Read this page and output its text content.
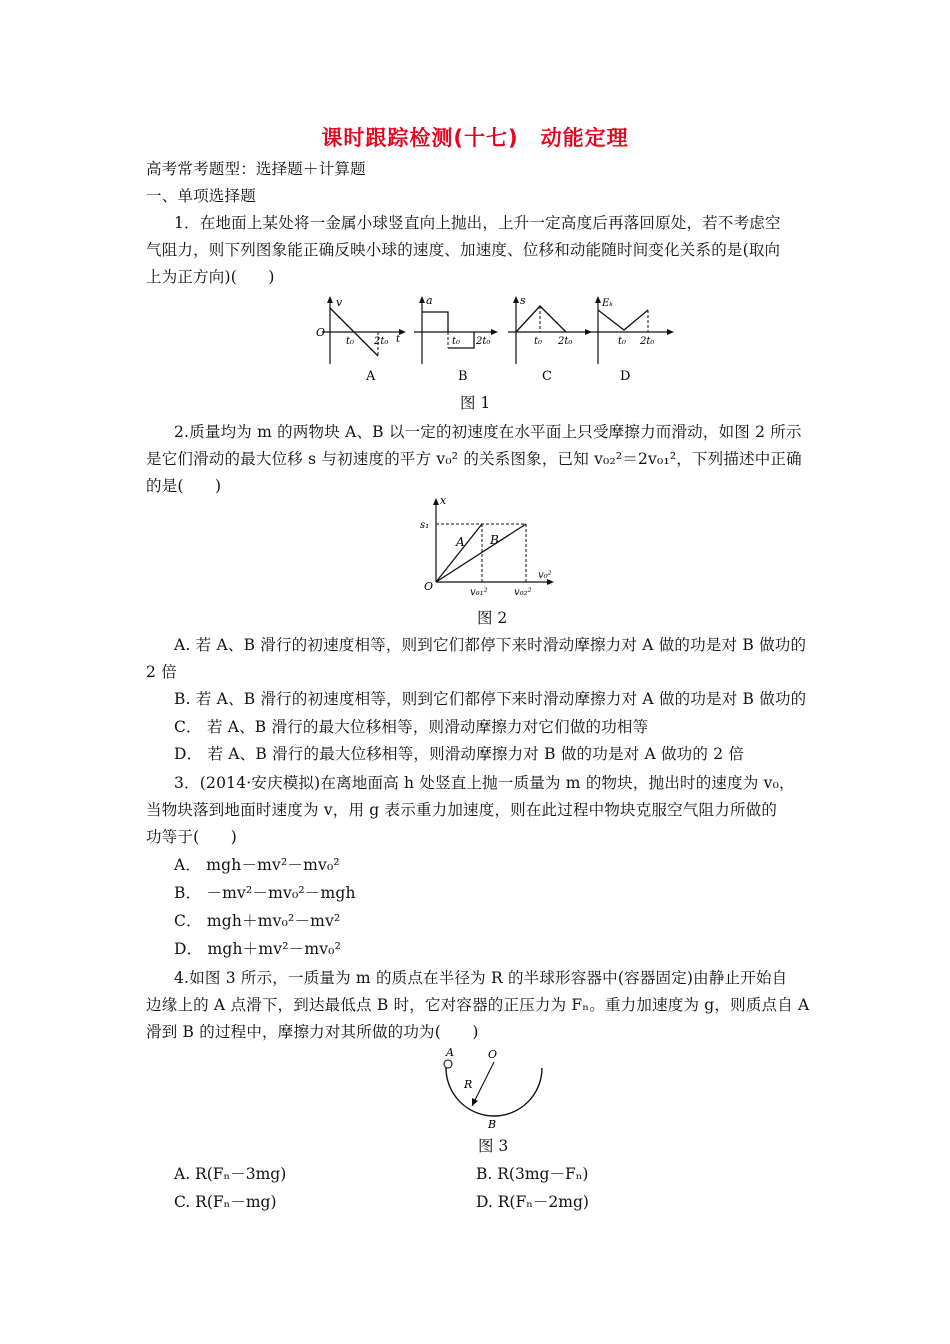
课时跟踪检测(十七)　动能定理
高考常考题型：选择题＋计算题
一、单项选择题
1．在地面上某处将一金属小球竖直向上抛出，上升一定高度后再落回原处，若不考虑空
气阻力，则下列图象能正确反映小球的速度、加速度、位移和动能随时间变化关系的是(取向
上为正方向)(　　)
v
O
t₀ 2t₀ t
A
a
t₀ 2t₀
B
s
t₀ 2t₀
C
Eₖ
t₀ 2t₀
D
图 1
2.质量均为 m 的两物块 A、B 以一定的初速度在水平面上只受摩擦力而滑动，如图 2 所示
是它们滑动的最大位移 s 与初速度的平方 v₀² 的关系图象，已知 v₀₂²＝2v₀₁²，下列描述中正确
的是(　　)
x
s₁
A B
O
v₀²
v₀₁²	v₀₂²
图 2
A. 若 A、B 滑行的初速度相等，则到它们都停下来时滑动摩擦力对 A 做的功是对 B 做功的
2 倍
B. 若 A、B 滑行的初速度相等，则到它们都停下来时滑动摩擦力对 A 做的功是对 B 做功的
C． 若 A、B 滑行的最大位移相等，则滑动摩擦力对它们做的功相等
D． 若 A、B 滑行的最大位移相等，则滑动摩擦力对 B 做的功是对 A 做功的 2 倍
3．(2014·安庆模拟)在离地面高 h 处竖直上抛一质量为 m 的物块，抛出时的速度为 v₀，
当物块落到地面时速度为 v，用 g 表示重力加速度，则在此过程中物块克服空气阻力所做的
功等于(　　)
A． mgh－mv²－mv₀²
B． －mv²－mv₀²－mgh
C． mgh＋mv₀²－mv²
D． mgh＋mv²－mv₀²
4.如图 3 所示，一质量为 m 的质点在半径为 R 的半球形容器中(容器固定)由静止开始自
边缘上的 A 点滑下，到达最低点 B 时，它对容器的正压力为 Fₙ。重力加速度为 g，则质点自 A
滑到 B 的过程中，摩擦力对其所做的功为(　　)
A	O
R
B
图 3
A. R(Fₙ－3mg)	B. R(3mg－Fₙ)
C. R(Fₙ－mg)	D. R(Fₙ－2mg)
